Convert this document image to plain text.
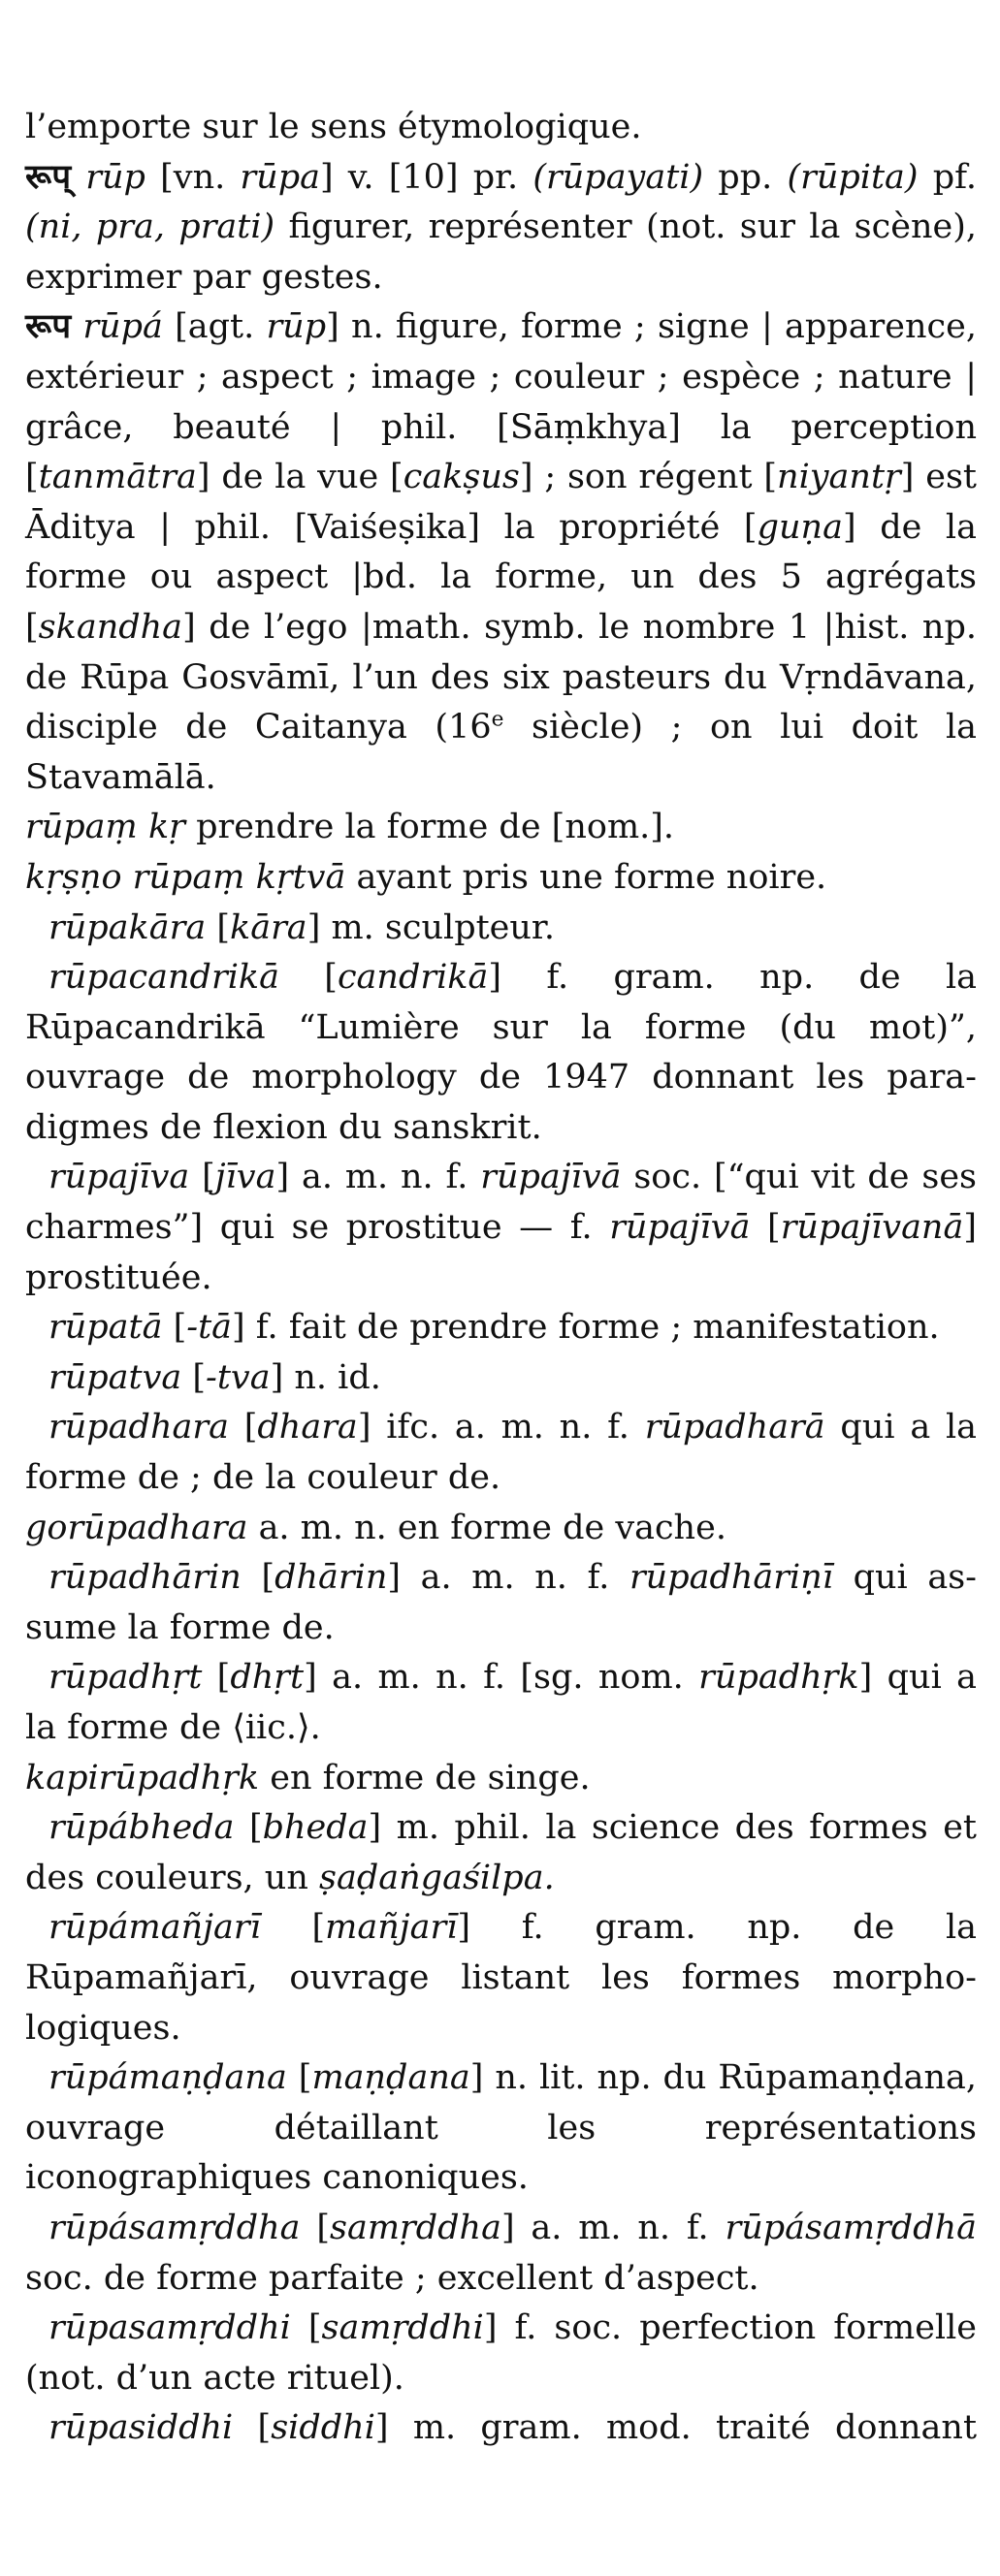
l’emporte sur le sens étymologique.

रूप् rūp [vn. rūpa] v. [10] pr. (rūpayati) pp. (rūpita) pf. (ni, pra, prati) figurer, représenter (not. sur la scène), exprimer par gestes.

रूप rūpá [agt. rūp] n. figure, forme ; signe | apparence, extérieur ; aspect ; image ; couleur ; espèce ; nature | grâce, beauté | phil. [Sāṃkhya] la perception [tanmātra] de la vue [cakṣus] ; son régent [niyantṛ] est Āditya | phil. [Vaiśeṣika] la propriété [guṇa] de la forme ou aspect |bd. la forme, un des 5 agrégats [skandha] de l’ego |math. symb. le nombre 1 |hist. np. de Rūpa Gosvāmī, l’un des six pasteurs du Vṛndāvana, disciple de Caitanya (16e siècle) ; on lui doit la Stavamālā.

rūpaṃ kṛ prendre la forme de [nom.].

kṛṣṇo rūpaṃ kṛtvā ayant pris une forme noire.

rūpakāra [kāra] m. sculpteur.

rūpacandrikā [candrikā] f. gram. np. de la Rūpacandrikā “Lumière sur la forme (du mot)”, ouvrage de morphology de 1947 donnant les paradigmes de flexion du sanskrit.

rūpajīva [jīva] a. m. n. f. rūpajīvā soc. [“qui vit de ses charmes”] qui se prostitue — f. rūpajīvā [rūpajīvanā] prostituée.

rūpatā [-tā] f. fait de prendre forme ; manifestation.

rūpatva [-tva] n. id.

rūpadhara [dhara] ifc. a. m. n. f. rūpadharā qui a la forme de ; de la couleur de.

gorūpadhara a. m. n. en forme de vache.

rūpadhārin [dhārin] a. m. n. f. rūpadhāriṇī qui assume la forme de.

rūpadhṛt [dhṛt] a. m. n. f. [sg. nom. rūpadhṛk] qui a la forme de ⟨iic.⟩.

kapirūpadhṛk en forme de singe.

rūpábheda [bheda] m. phil. la science des formes et des couleurs, un ṣaḍaṅgaśilpa.

rūpámañjarī [mañjarī] f. gram. np. de la Rūpamañjarī, ouvrage listant les formes morphologiques.

rūpámaṇḍana [maṇḍana] n. lit. np. du Rūpamaṇḍana, ouvrage détaillant les représentations iconographiques canoniques.

rūpásamṛddha [samṛddha] a. m. n. f. rūpásamṛddhā soc. de forme parfaite ; excellent d’aspect.

rūpasamṛddhi [samṛddhi] f. soc. perfection formelle (not. d’un acte rituel).

rūpasiddhi [siddhi] m. gram. mod. traité donnant
